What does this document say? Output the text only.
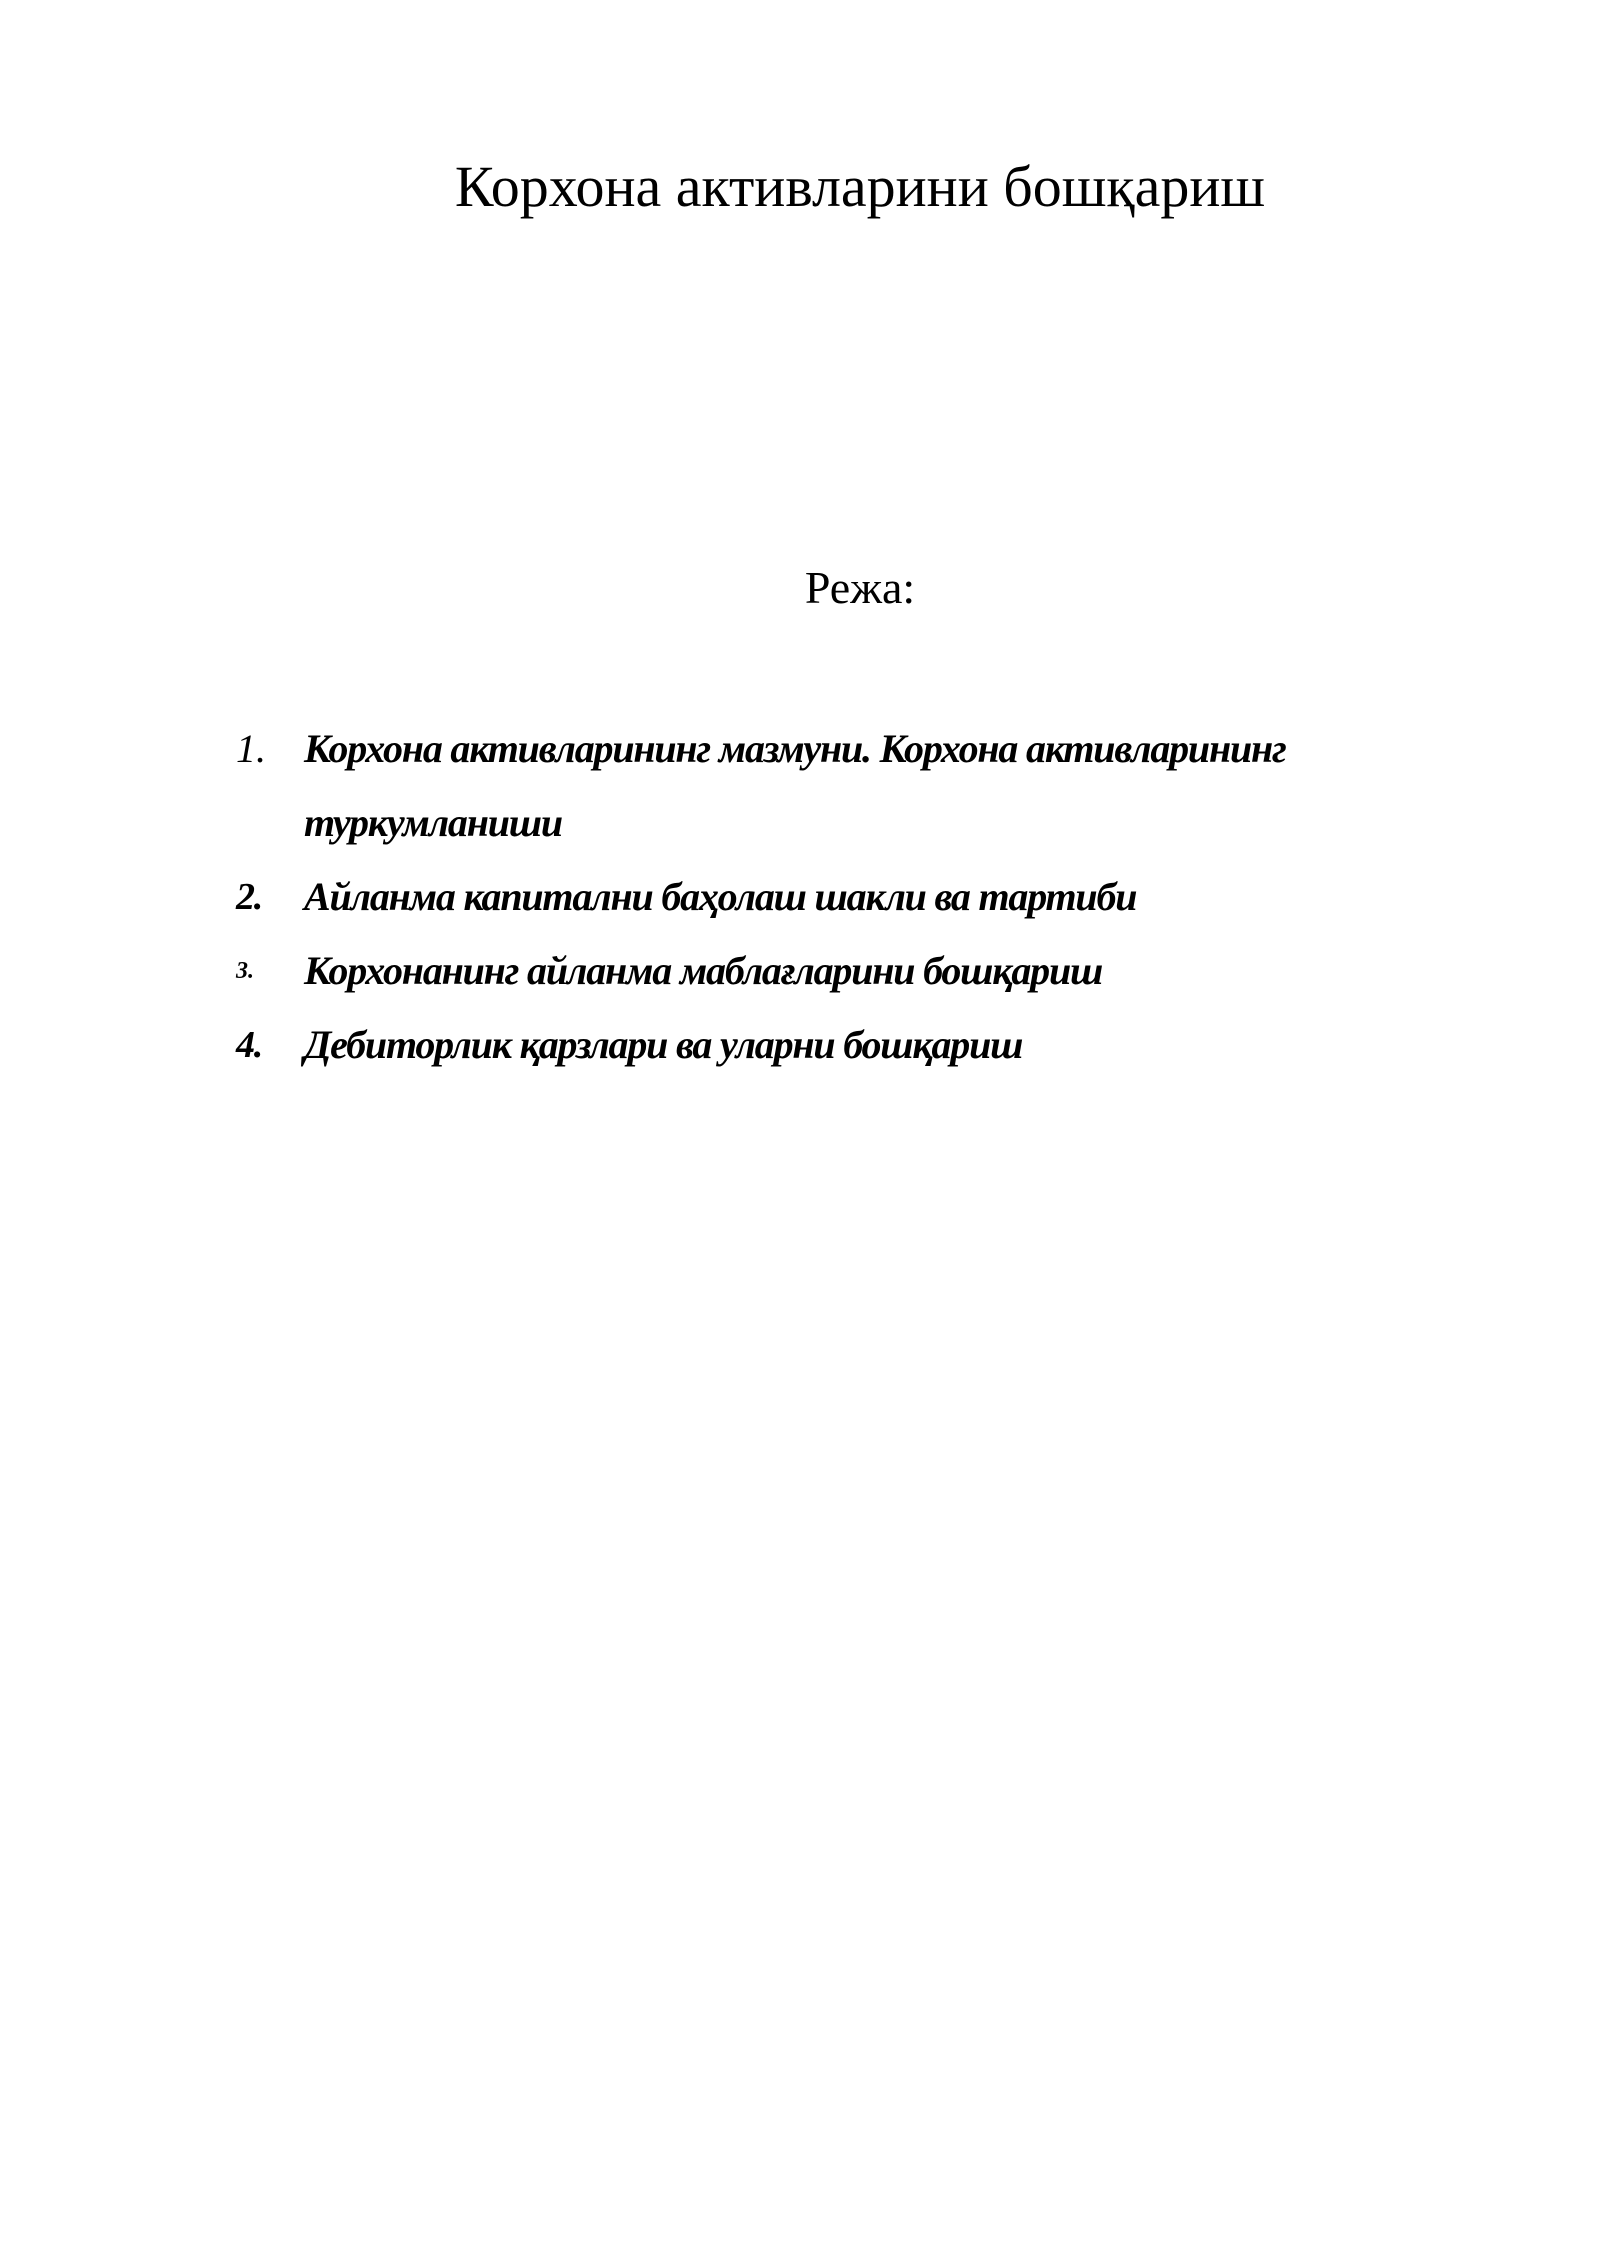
Корхона активларини бошқариш
Режа:
1. Корхона активларининг мазмуни. Корхона активларининг туркумланиши
2. Айланма капитални баҳолаш шакли ва тартиби
3. Корхонанинг айланма маблағларини бошқариш
4. Дебиторлик қарзлари ва уларни бошқариш
